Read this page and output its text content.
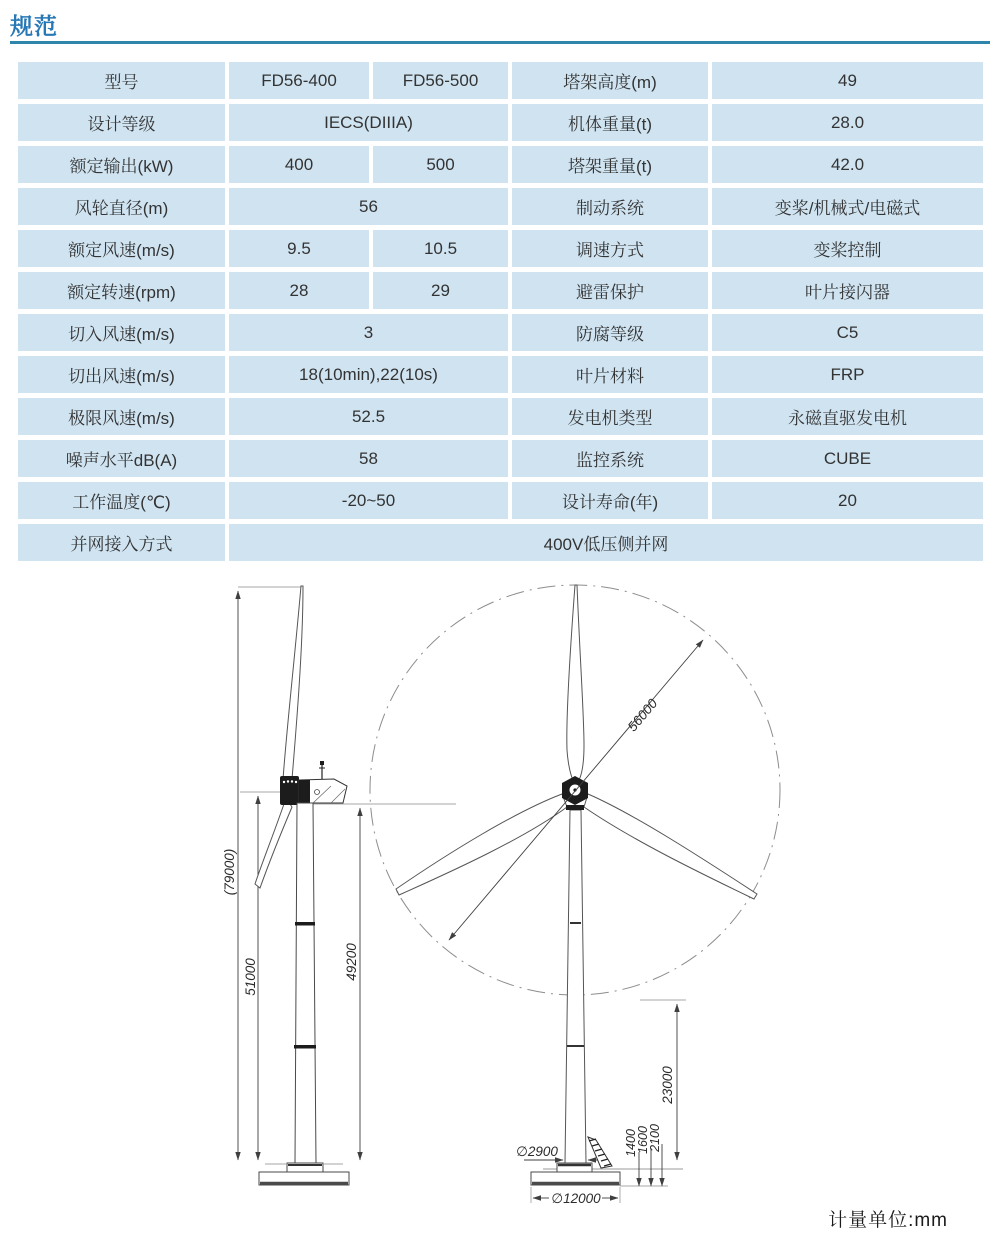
规范
型号	FD56-400	FD56-500	塔架高度(m)	49
设计等级	IECS(DIIIA)		机体重量(t)	28.0
额定输出(kW)	400	500	塔架重量(t)	42.0
风轮直径(m)	56		制动系统	变桨/机械式/电磁式
额定风速(m/s)	9.5	10.5	调速方式	变桨控制
额定转速(rpm)	28	29	避雷保护	叶片接闪器
切入风速(m/s)	3		防腐等级	C5
切出风速(m/s)	18(10min),22(10s)		叶片材料	FRP
极限风速(m/s)	52.5		发电机类型	永磁直驱发电机
噪声水平dB(A)	58		监控系统	CUBE
工作温度(℃)	-20~50		设计寿命(年)	20
并网接入方式	400V低压侧并网			
(79000)
51000	49200
56000
23000
∅2900	1400
1600
2100
∅12000
计量单位:mm
